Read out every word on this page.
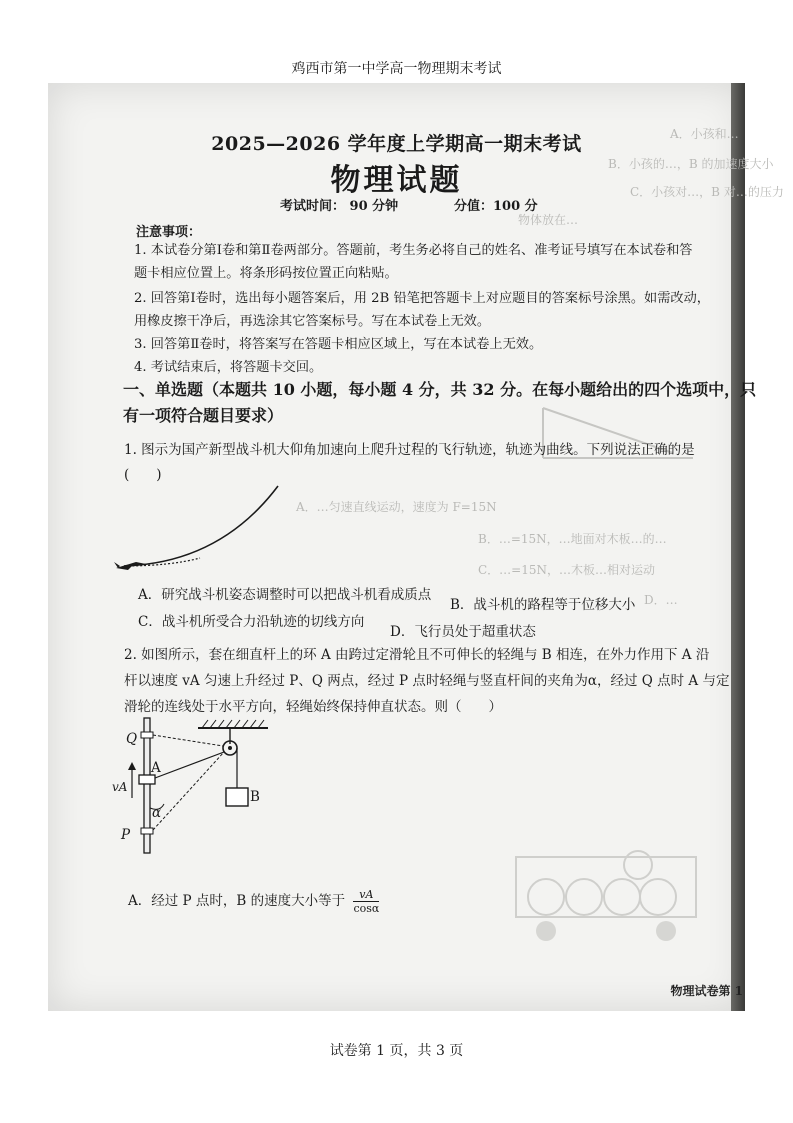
鸡西市第一中学高一物理期末考试
A．小孩和…
B．小孩的…，B 的加速度大小
C．小孩对…，B 对…的压力
物体放在…
A．…匀速直线运动，速度为 F=15N
B．…=15N，…地面对木板…的…
C．…=15N，…木板…相对运动
D．…
2025—2026 学年度上学期高一期末考试
物理试题
考试时间： 90 分钟	分值：100 分
注意事项：
1. 本试卷分第Ⅰ卷和第Ⅱ卷两部分。答题前，考生务必将自己的姓名、准考证号填写在本试卷和答
题卡相应位置上。将条形码按位置正向粘贴。
2. 回答第Ⅰ卷时，选出每小题答案后，用 2B 铅笔把答题卡上对应题目的答案标号涂黑。如需改动，
用橡皮擦干净后，再选涂其它答案标号。写在本试卷上无效。
3. 回答第Ⅱ卷时，将答案写在答题卡相应区域上，写在本试卷上无效。
4. 考试结束后，将答题卡交回。
一、单选题（本题共 10 小题，每小题 4 分，共 32 分。在每小题给出的四个选项中，只
有一项符合题目要求）
1. 图示为国产新型战斗机大仰角加速向上爬升过程的飞行轨迹，轨迹为曲线。下列说法正确的是
(　　)
A．研究战斗机姿态调整时可以把战斗机看成质点
B．战斗机的路程等于位移大小
C．战斗机所受合力沿轨迹的切线方向
D．飞行员处于超重状态
2. 如图所示，套在细直杆上的环 A 由跨过定滑轮且不可伸长的轻绳与 B 相连，在外力作用下 A 沿
杆以速度 vA 匀速上升经过 P、Q 两点，经过 P 点时轻绳与竖直杆间的夹角为α，经过 Q 点时 A 与定
滑轮的连线处于水平方向，轻绳始终保持伸直状态。则（　　）
Q
P
A
B
vA
α
A．经过 P 点时，B 的速度大小等于 $\frac{vA}{\cos\alpha}$
物理试卷第 1
试卷第 1 页，共 3 页
